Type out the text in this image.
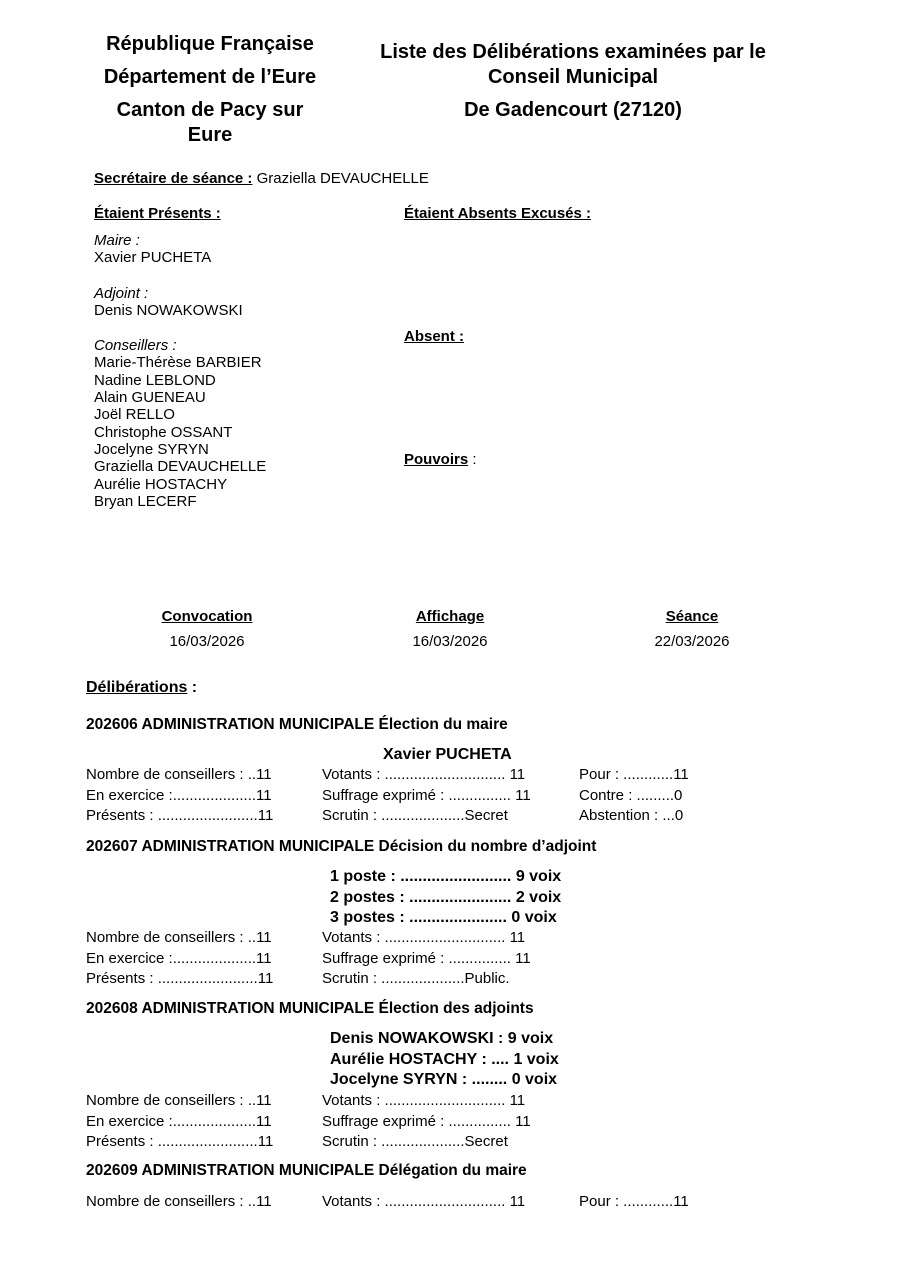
République Française
Département de l’Eure
Canton de Pacy sur Eure
Liste des Délibérations examinées par le Conseil Municipal
De Gadencourt (27120)
Secrétaire de séance : Graziella DEVAUCHELLE
Étaient Présents :
Maire :
Xavier PUCHETA
Adjoint :
Denis NOWAKOWSKI
Conseillers :
Marie-Thérèse BARBIER
Nadine LEBLOND
Alain GUENEAU
Joël RELLO
Christophe OSSANT
Jocelyne SYRYN
Graziella DEVAUCHELLE
Aurélie HOSTACHY
Bryan LECERF
Étaient Absents Excusés :
Absent :
Pouvoirs :
Convocation
16/03/2026
Affichage
16/03/2026
Séance
22/03/2026
Délibérations :
202606 ADMINISTRATION MUNICIPALE Élection du maire
Xavier PUCHETA
Nombre de conseillers : ..11	Votants : ............................. 11	Pour : ............11
En exercice :....................11	Suffrage exprimé : ............... 11	Contre : .........0
Présents : ........................11	Scrutin : ....................Secret	Abstention : ...0
202607 ADMINISTRATION MUNICIPALE Décision du nombre d’adjoint
1 poste : ......................... 9 voix
2 postes : ....................... 2 voix
3 postes : ...................... 0 voix
Nombre de conseillers : ..11	Votants : ............................. 11
En exercice :....................11	Suffrage exprimé : ............... 11
Présents : ........................11	Scrutin : ....................Public.
202608 ADMINISTRATION MUNICIPALE Élection des adjoints
Denis NOWAKOWSKI : 9 voix
Aurélie HOSTACHY : .... 1 voix
Jocelyne SYRYN : ........ 0 voix
Nombre de conseillers : ..11	Votants : ............................. 11
En exercice :....................11	Suffrage exprimé : ............... 11
Présents : ........................11	Scrutin : ....................Secret
202609 ADMINISTRATION MUNICIPALE Délégation du maire
Nombre de conseillers : ..11	Votants : ............................. 11	Pour : ............11
